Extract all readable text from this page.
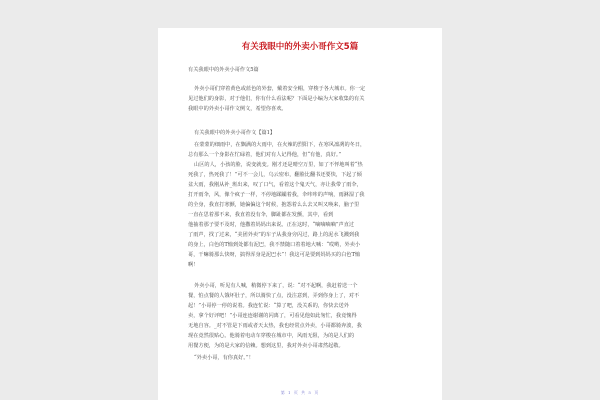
有关我眼中的外卖小哥作文5篇
有关我眼中的外卖小哥作文5篇
外卖小哥们穿着黄色或蓝色的外套，戴着安全帽，穿梭于各大城市。你一定
见过他们的身影，对于他们，你有什么看法呢？下面是小编为大家收集的有关
我眼中的外卖小哥作文例文，希望你喜欢。
有关我眼中的外卖小哥作文【篇1】
在蒙蒙的细雨中，在飘满的大雨中，在火辣的烈阳下，在寒风凛冽的冬日，
总有那么一个身影在忙碌着，他们对有人记得他，但“有他，真好。”
山区的人，小孩的脸，说变就变。刚才还是晴空万里，如了不怦地叫着“热
死我了，热死我了！”可不一会儿，乌云密布，翻脸比翻书还要快，下起了倾
盆大雨，我刚从补_班出来，叹了口气，看着这个鬼天气，亦让我带了雨伞，
打开雨伞，风，像个疯子一样，不停地蹂躏着我，伞咔咔的声响，雨淋湿了我
的全身，我直打寒颤，她偏偏这个时候，抱怨着么么去又叫又唤来，脑子里
一直在思着那不来，我直着没有伞，脚趾都在发颤，其中，看到
他抽着那子要不及时，他撒着妈妈出来说。正在这时，“嘀嘀嘀嘀”声直过
了雨声，找了过来，“美团外卖”的车子从我身旁闪过，路上的泥水飞溅到我
的身上，白色的T恤到处都有泥巴，我不禁随口着着地大喊：“哎哟，外卖小
哥，干嘛骑那么快呀，搞得浑身是泥巴水”！我这可是要到妈妈买的白色T恤
啊！
外卖小哥，听见有人喊，稍微停下来了，说：“对不起啊，我赶着送一个
餐，怕点餐的人饿坏肚子，所以骑快了点，没注意到，弄到你身上了，对不
起！”小哥停一停的说着。我连忙说：“算了吧，没关系的，你快去送外
卖，拿个好评吧！”小哥连连谢谢的闪离了，可看见他如此匆忙，我竟愧得
无地自容。_对不管是下雨或者天太热，我也经常点外卖，小哥都骑奔波，我
现在竟然很贴心。他骑着电动车穿梭在城市中，风雨无阻，为的是人们的
用餐方便，为的是大家的信赖。想到这里，我对外卖小哥肃然起敬。
“外卖小哥，有你真好。”！
第 1 页 共 5 页
